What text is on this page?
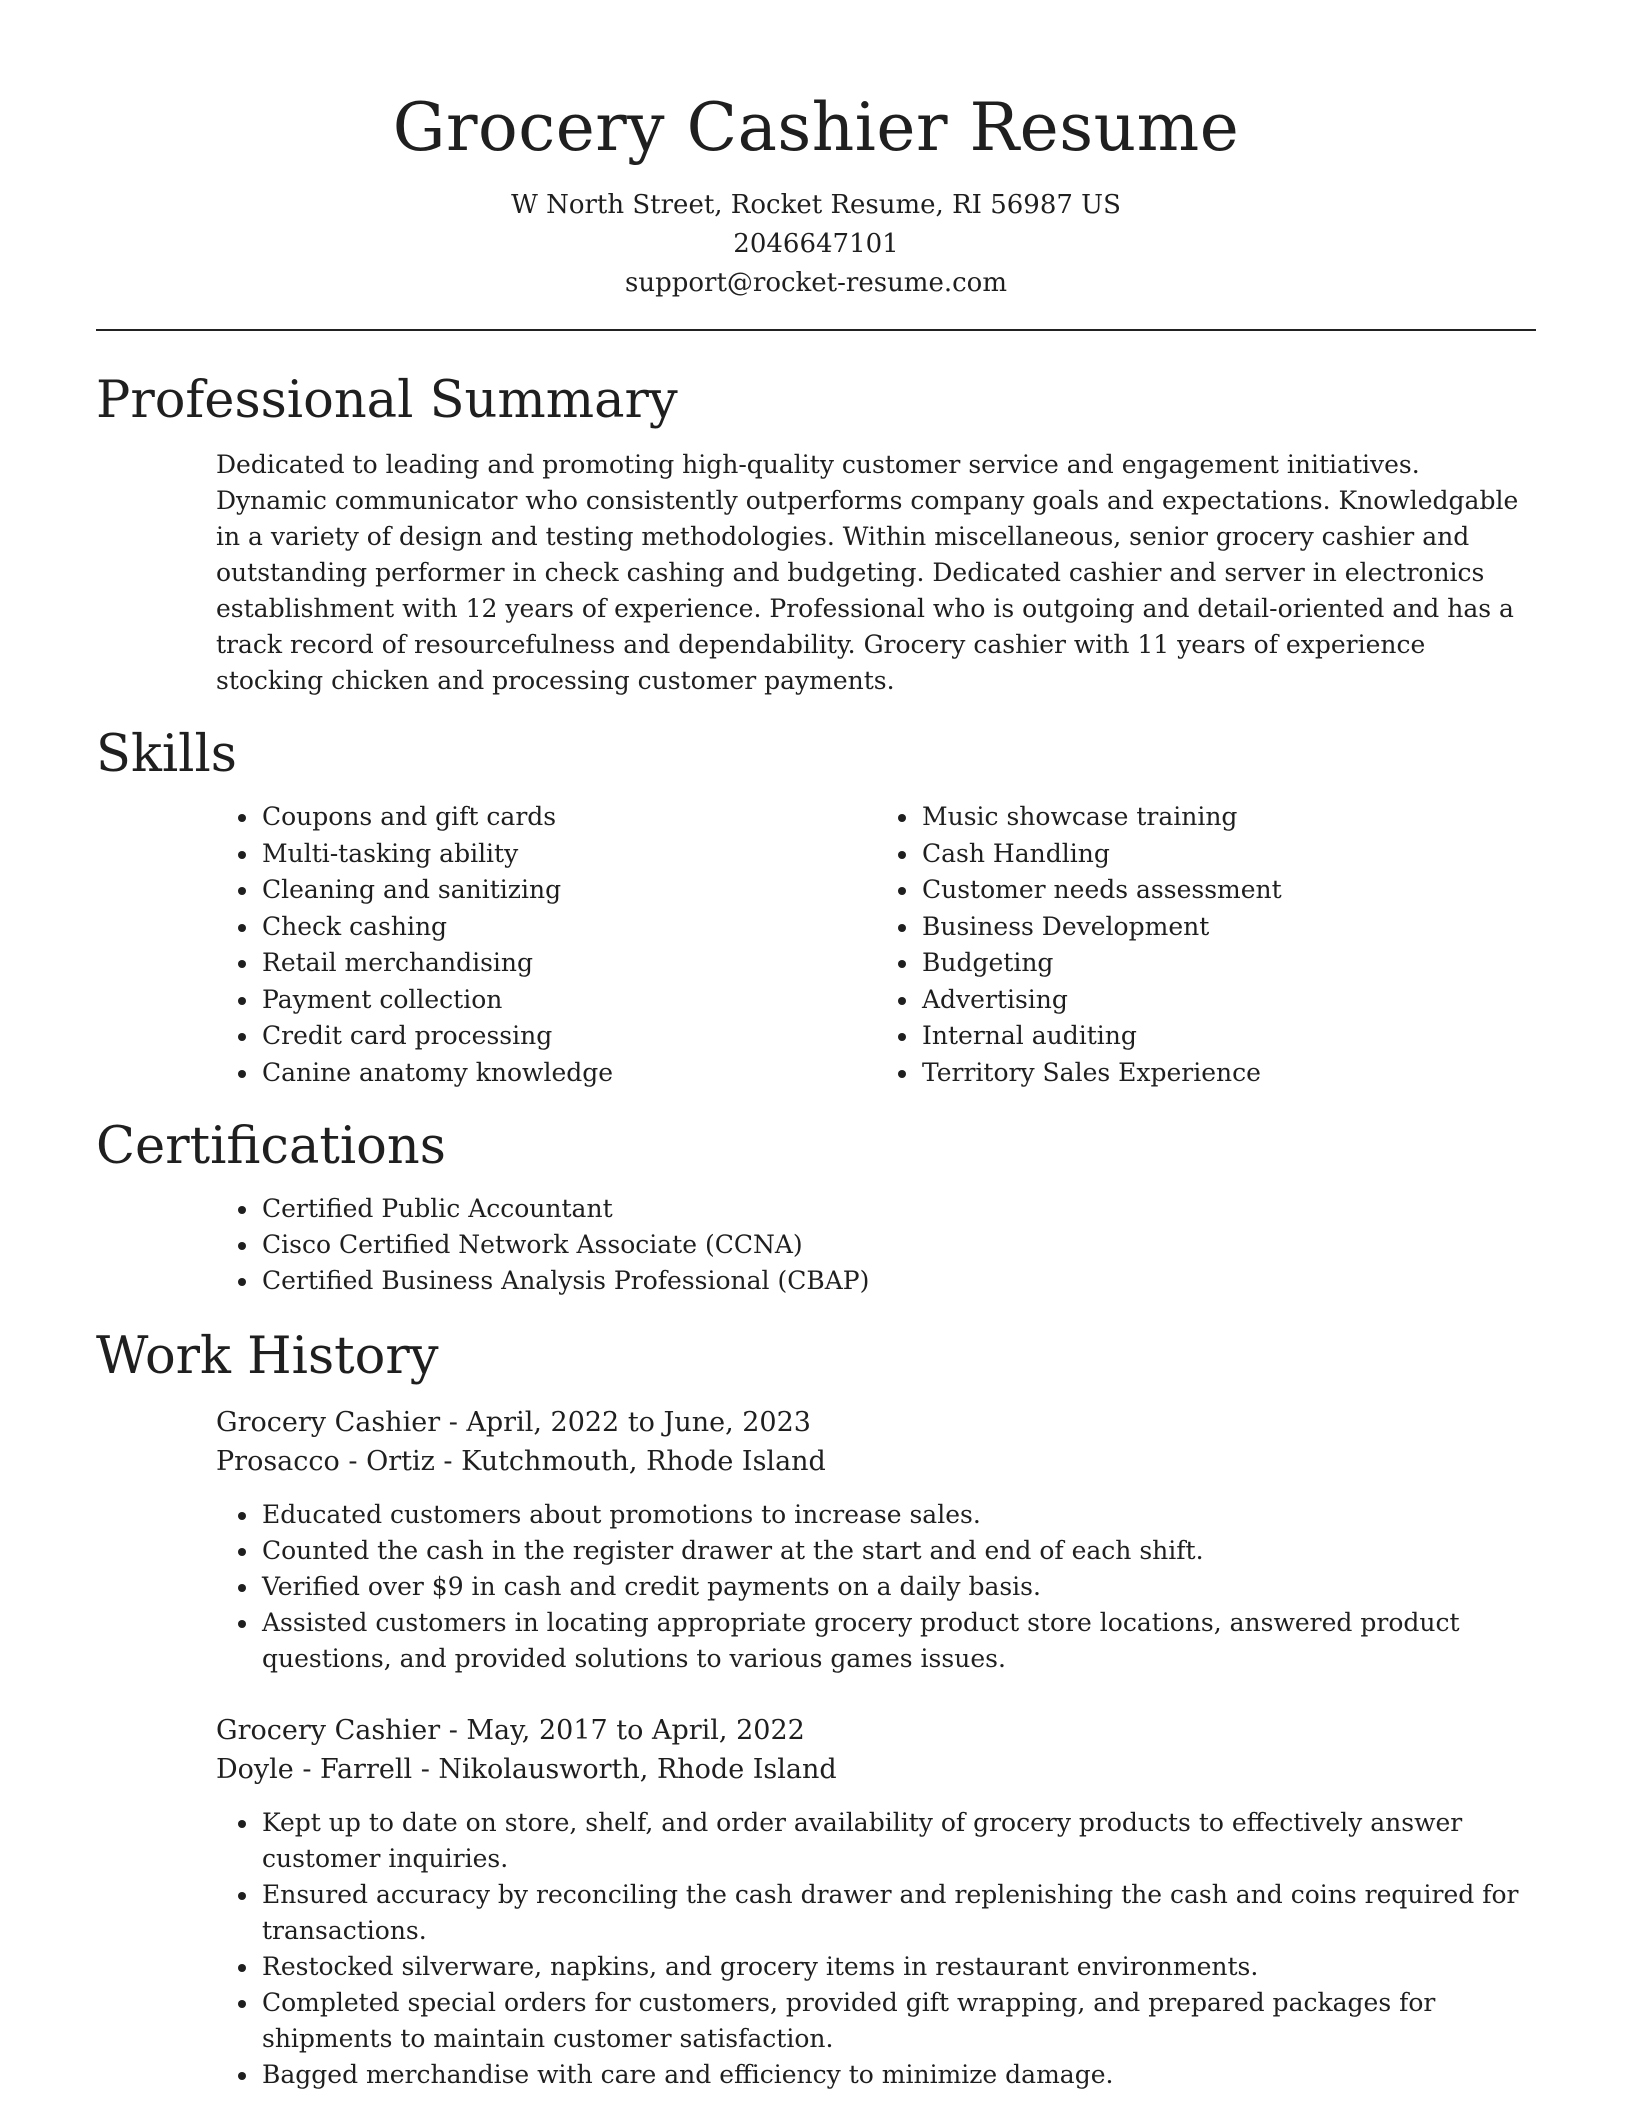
Grocery Cashier Resume
W North Street, Rocket Resume, RI 56987 US
2046647101
support@rocket-resume.com
Professional Summary

Dedicated to leading and promoting high-quality customer service and engagement initiatives. Dynamic communicator who consistently outperforms company goals and expectations. Knowledgable in a variety of design and testing methodologies. Within miscellaneous, senior grocery cashier and outstanding performer in check cashing and budgeting. Dedicated cashier and server in electronics establishment with 12 years of experience. Professional who is outgoing and detail-oriented and has a track record of resourcefulness and dependability. Grocery cashier with 11 years of experience stocking chicken and processing customer payments.

Skills
• Coupons and gift cards
• Multi-tasking ability
• Cleaning and sanitizing
• Check cashing
• Retail merchandising
• Payment collection
• Credit card processing
• Canine anatomy knowledge
• Music showcase training
• Cash Handling
• Customer needs assessment
• Business Development
• Budgeting
• Advertising
• Internal auditing
• Territory Sales Experience
Certifications
• Certified Public Accountant
• Cisco Certified Network Associate (CCNA)
• Certified Business Analysis Professional (CBAP)
Work History
Grocery Cashier - April, 2022 to June, 2023
Prosacco - Ortiz - Kutchmouth, Rhode Island
• Educated customers about promotions to increase sales.
• Counted the cash in the register drawer at the start and end of each shift.
• Verified over $9 in cash and credit payments on a daily basis.
• Assisted customers in locating appropriate grocery product store locations, answered product questions, and provided solutions to various games issues.
Grocery Cashier - May, 2017 to April, 2022
Doyle - Farrell - Nikolausworth, Rhode Island
• Kept up to date on store, shelf, and order availability of grocery products to effectively answer customer inquiries.
• Ensured accuracy by reconciling the cash drawer and replenishing the cash and coins required for transactions.
• Restocked silverware, napkins, and grocery items in restaurant environments.
• Completed special orders for customers, provided gift wrapping, and prepared packages for shipments to maintain customer satisfaction.
• Bagged merchandise with care and efficiency to minimize damage.
